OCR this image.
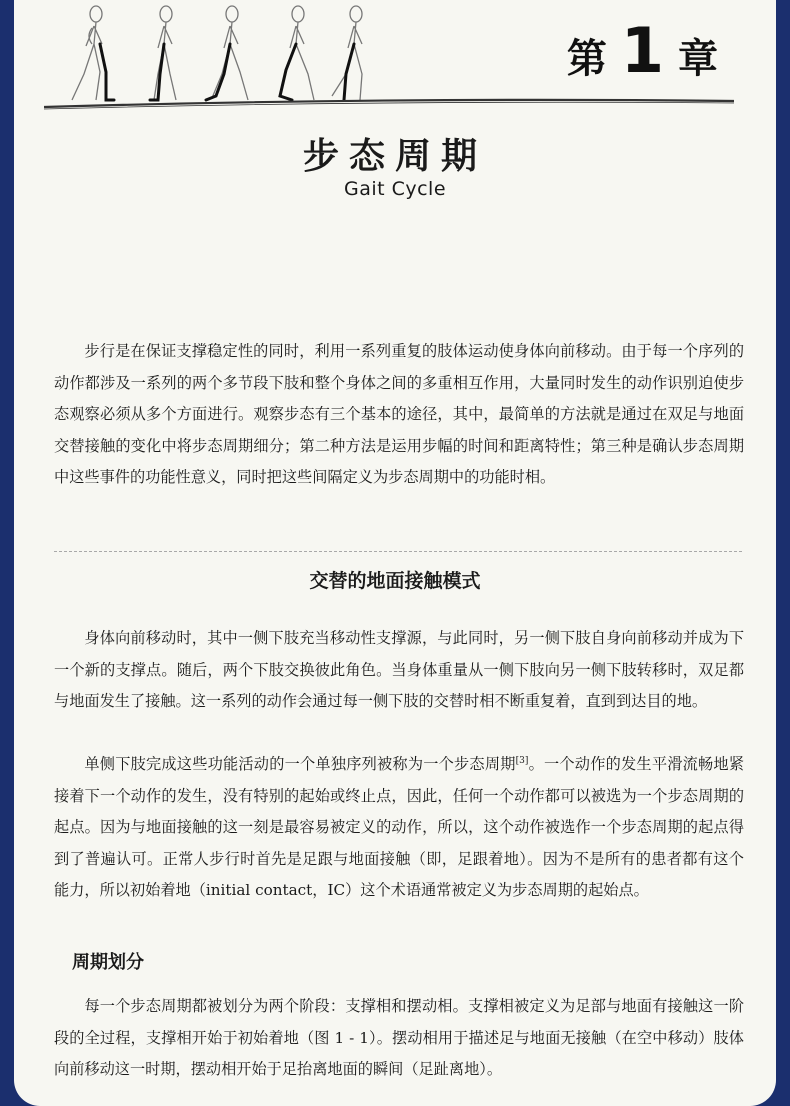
第 1 章
步态周期
Gait Cycle

步行是在保证支撑稳定性的同时，利用一系列重复的肢体运动使身体向前移动。由于每一个序列的动作都涉及一系列的两个多节段下肢和整个身体之间的多重相互作用，大量同时发生的动作识别迫使步态观察必须从多个方面进行。观察步态有三个基本的途径，其中，最简单的方法就是通过在双足与地面交替接触的变化中将步态周期细分；第二种方法是运用步幅的时间和距离特性；第三种是确认步态周期中这些事件的功能性意义，同时把这些间隔定义为步态周期中的功能时相。

交替的地面接触模式

身体向前移动时，其中一侧下肢充当移动性支撑源，与此同时，另一侧下肢自身向前移动并成为下一个新的支撑点。随后，两个下肢交换彼此角色。当身体重量从一侧下肢向另一侧下肢转移时，双足都与地面发生了接触。这一系列的动作会通过每一侧下肢的交替时相不断重复着，直到到达目的地。

单侧下肢完成这些功能活动的一个单独序列被称为一个步态周期[3]。一个动作的发生平滑流畅地紧接着下一个动作的发生，没有特别的起始或终止点，因此，任何一个动作都可以被选为一个步态周期的起点。因为与地面接触的这一刻是最容易被定义的动作，所以，这个动作被选作一个步态周期的起点得到了普遍认可。正常人步行时首先是足跟与地面接触（即，足跟着地）。因为不是所有的患者都有这个能力，所以初始着地（initial contact，IC）这个术语通常被定义为步态周期的起始点。

周期划分

每一个步态周期都被划分为两个阶段：支撑相和摆动相。支撑相被定义为足部与地面有接触这一阶段的全过程，支撑相开始于初始着地（图 1 - 1）。摆动相用于描述足与地面无接触（在空中移动）肢体向前移动这一时期，摆动相开始于足抬离地面的瞬间（足趾离地）。
